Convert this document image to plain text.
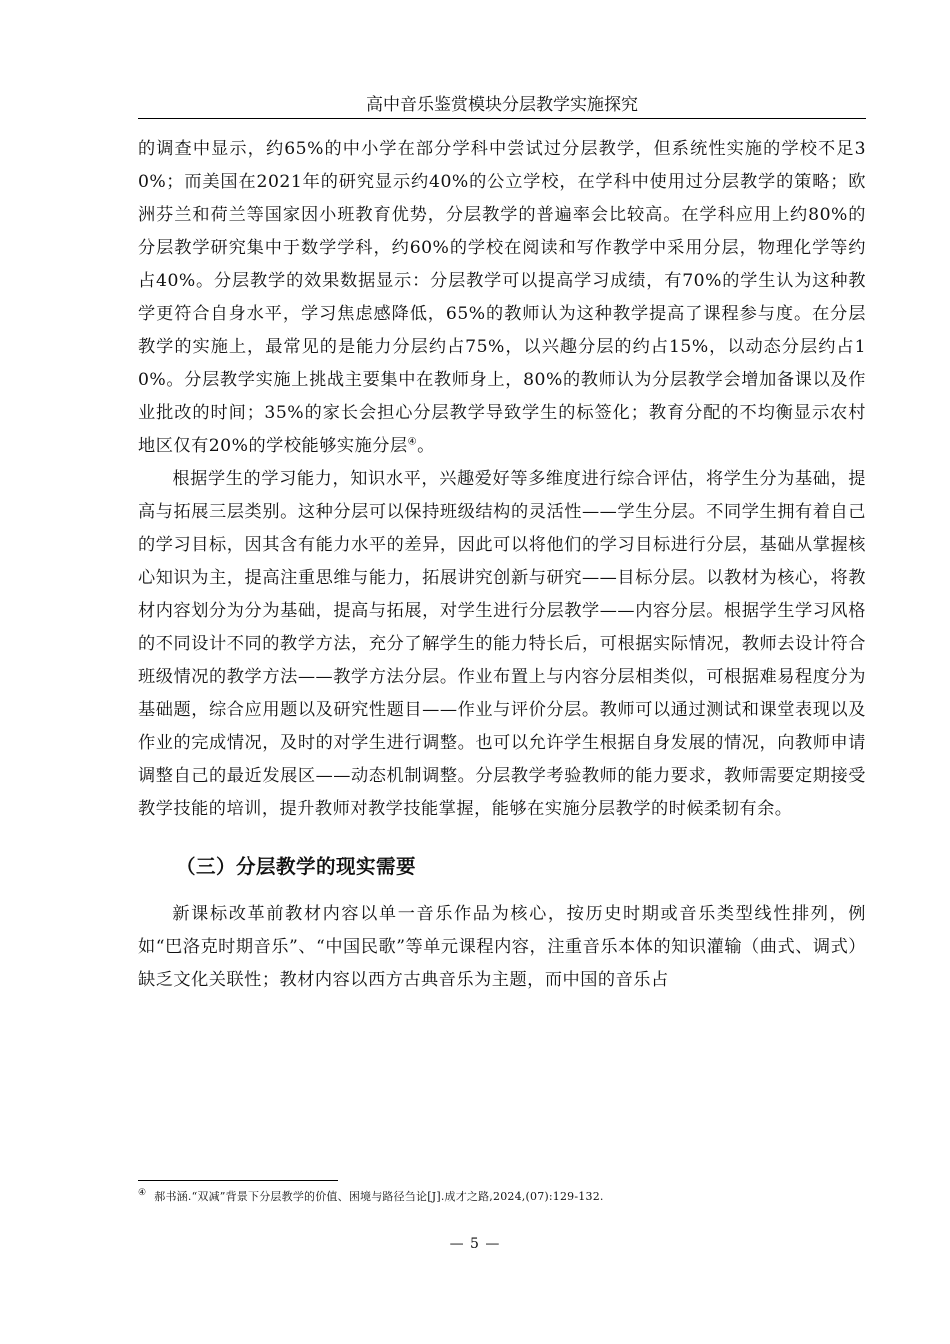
高中音乐鉴赏模块分层教学实施探究

的调查中显示，约65%的中小学在部分学科中尝试过分层教学，但系统性实施的学校不足30%；而美国在2021年的研究显示约40%的公立学校，在学科中使用过分层教学的策略；欧洲芬兰和荷兰等国家因小班教育优势，分层教学的普遍率会比较高。在学科应用上约80%的分层教学研究集中于数学学科，约60%的学校在阅读和写作教学中采用分层，物理化学等约占40%。分层教学的效果数据显示：分层教学可以提高学习成绩，有70%的学生认为这种教学更符合自身水平，学习焦虑感降低，65%的教师认为这种教学提高了课程参与度。在分层教学的实施上，最常见的是能力分层约占75%，以兴趣分层的约占15%，以动态分层约占10%。分层教学实施上挑战主要集中在教师身上，80%的教师认为分层教学会增加备课以及作业批改的时间；35%的家长会担心分层教学导致学生的标签化；教育分配的不均衡显示农村地区仅有20%的学校能够实施分层④。

根据学生的学习能力，知识水平，兴趣爱好等多维度进行综合评估，将学生分为基础，提高与拓展三层类别。这种分层可以保持班级结构的灵活性——学生分层。不同学生拥有着自己的学习目标，因其含有能力水平的差异，因此可以将他们的学习目标进行分层，基础从掌握核心知识为主，提高注重思维与能力，拓展讲究创新与研究——目标分层。以教材为核心，将教材内容划分为分为基础，提高与拓展，对学生进行分层教学——内容分层。根据学生学习风格的不同设计不同的教学方法，充分了解学生的能力特长后，可根据实际情况，教师去设计符合班级情况的教学方法——教学方法分层。作业布置上与内容分层相类似，可根据难易程度分为基础题，综合应用题以及研究性题目——作业与评价分层。教师可以通过测试和课堂表现以及作业的完成情况，及时的对学生进行调整。也可以允许学生根据自身发展的情况，向教师申请调整自己的最近发展区——动态机制调整。分层教学考验教师的能力要求，教师需要定期接受教学技能的培训，提升教师对教学技能掌握，能够在实施分层教学的时候柔韧有余。

（三）分层教学的现实需要

新课标改革前教材内容以单一音乐作品为核心，按历史时期或音乐类型线性排列，例如“巴洛克时期音乐”、“中国民歌”等单元课程内容，注重音乐本体的知识灌输（曲式、调式）缺乏文化关联性；教材内容以西方古典音乐为主题，而中国的音乐占

④ 郝书涵.“双减”背景下分层教学的价值、困境与路径刍论[J].成才之路,2024,(07):129-132.
— 5 —
